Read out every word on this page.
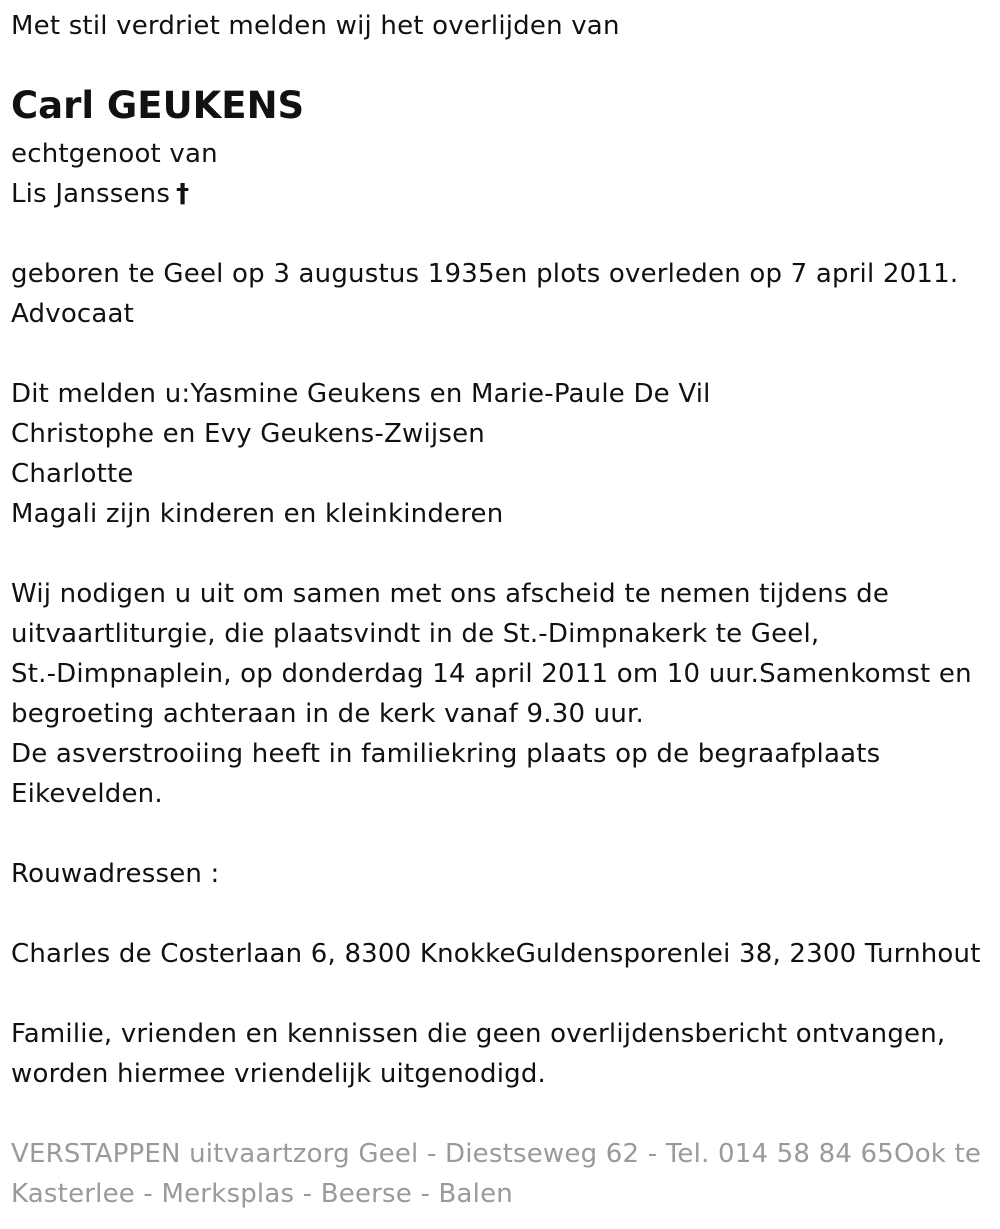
Met stil verdriet melden wij het overlijden van
Carl GEUKENS
echtgenoot van
Lis Janssens †
geboren te Geel op 3 augustus 1935en plots overleden op 7 april 2011.
Advocaat
Dit melden u:Yasmine Geukens en Marie-Paule De Vil
Christophe en Evy Geukens-Zwijsen
Charlotte
Magali zijn kinderen en kleinkinderen
Wij nodigen u uit om samen met ons afscheid te nemen tijdens de
uitvaartliturgie, die plaatsvindt in de St.-Dimpnakerk te Geel,
St.-Dimpnaplein, op donderdag 14 april 2011 om 10 uur.Samenkomst en
begroeting achteraan in de kerk vanaf 9.30 uur.
De asverstrooiing heeft in familiekring plaats op de begraafplaats
Eikevelden.
Rouwadressen :
Charles de Costerlaan 6, 8300 KnokkeGuldensporenlei 38, 2300 Turnhout
Familie, vrienden en kennissen die geen overlijdensbericht ontvangen,
worden hiermee vriendelijk uitgenodigd.
VERSTAPPEN uitvaartzorg Geel - Diestseweg 62 - Tel. 014 58 84 65Ook te
Kasterlee - Merksplas - Beerse - Balen
